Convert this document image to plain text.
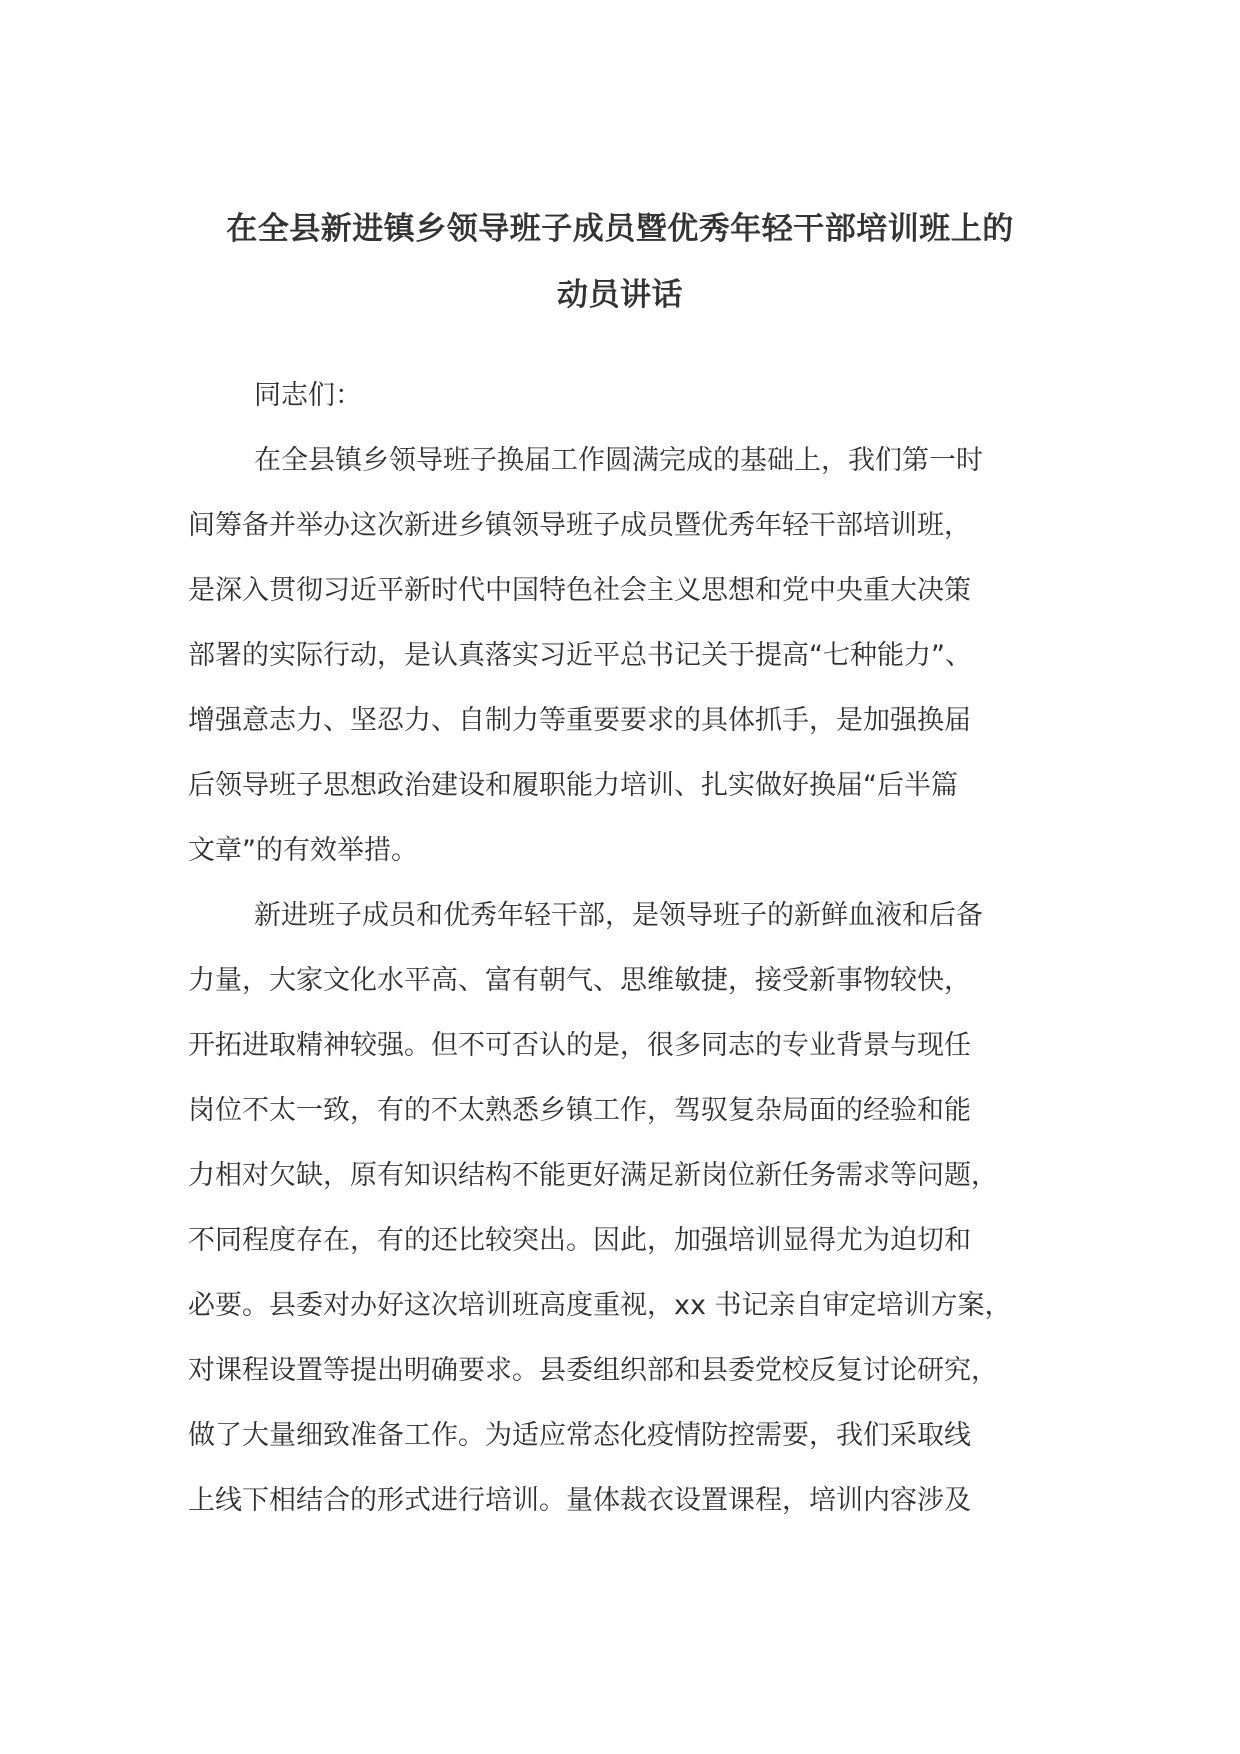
在全县新进镇乡领导班子成员暨优秀年轻干部培训班上的
动员讲话
同志们：
在全县镇乡领导班子换届工作圆满完成的基础上，我们第一时
间筹备并举办这次新进乡镇领导班子成员暨优秀年轻干部培训班，
是深入贯彻习近平新时代中国特色社会主义思想和党中央重大决策
部署的实际行动，是认真落实习近平总书记关于提高“七种能力”、
增强意志力、坚忍力、自制力等重要要求的具体抓手，是加强换届
后领导班子思想政治建设和履职能力培训、扎实做好换届“后半篇
文章”的有效举措。
新进班子成员和优秀年轻干部，是领导班子的新鲜血液和后备
力量，大家文化水平高、富有朝气、思维敏捷，接受新事物较快，
开拓进取精神较强。但不可否认的是，很多同志的专业背景与现任
岗位不太一致，有的不太熟悉乡镇工作，驾驭复杂局面的经验和能
力相对欠缺，原有知识结构不能更好满足新岗位新任务需求等问题，
不同程度存在，有的还比较突出。因此，加强培训显得尤为迫切和
必要。县委对办好这次培训班高度重视，xx 书记亲自审定培训方案，
对课程设置等提出明确要求。县委组织部和县委党校反复讨论研究，
做了大量细致准备工作。为适应常态化疫情防控需要，我们采取线
上线下相结合的形式进行培训。量体裁衣设置课程，培训内容涉及
